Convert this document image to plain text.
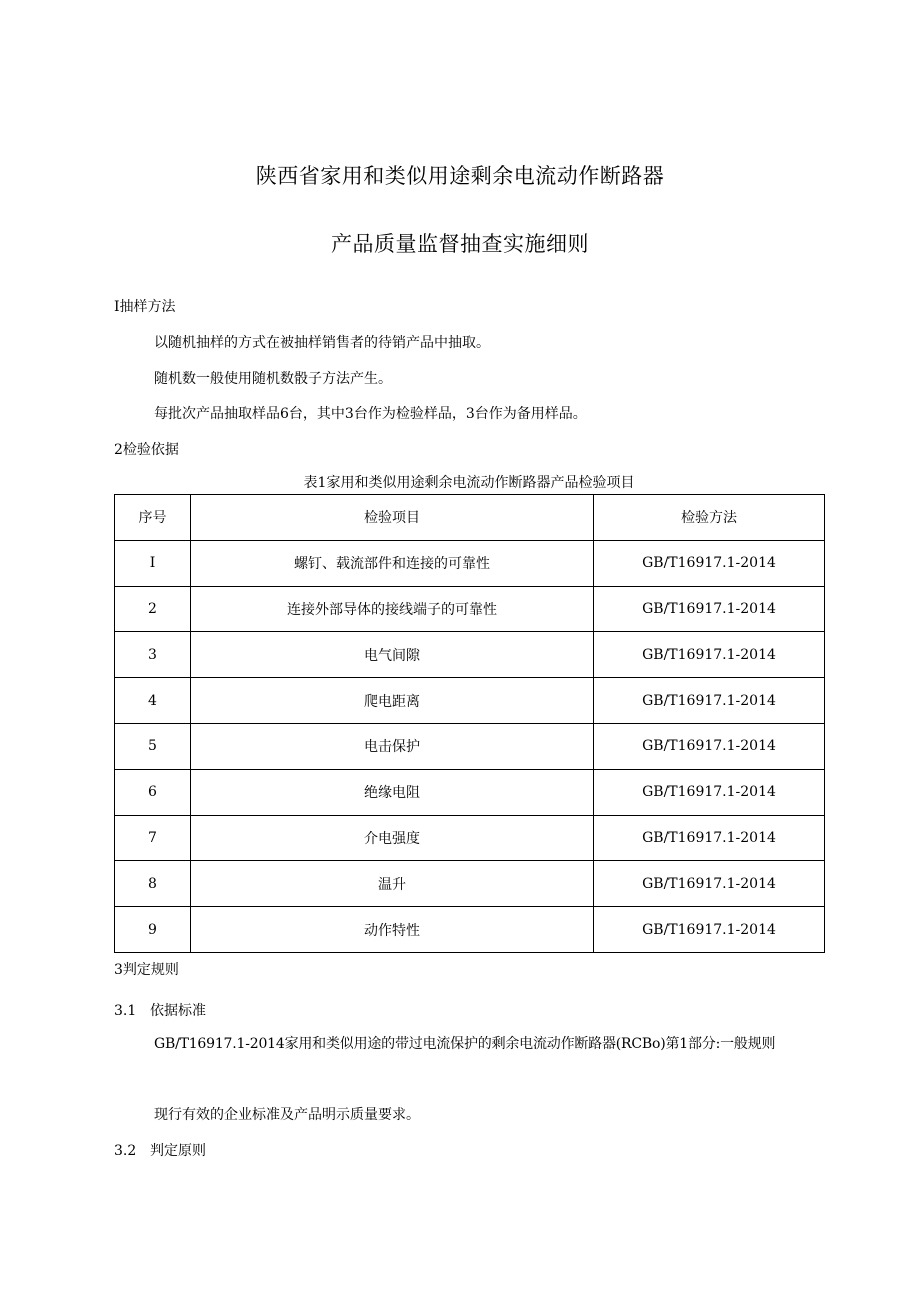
陕西省家用和类似用途剩余电流动作断路器
产品质量监督抽查实施细则

I抽样方法

以随机抽样的方式在被抽样销售者的待销产品中抽取。

随机数一般使用随机数骰子方法产生。

每批次产品抽取样品6台，其中3台作为检验样品，3台作为备用样品。

2检验依据

表1家用和类似用途剩余电流动作断路器产品检验项目

序号	检验项目	检验方法
I	螺钉、载流部件和连接的可靠性	GB/T16917.1-2014
2	连接外部导体的接线端子的可靠性	GB/T16917.1-2014
3	电气间隙	GB/T16917.1-2014
4	爬电距离	GB/T16917.1-2014
5	电击保护	GB/T16917.1-2014
6	绝缘电阻	GB/T16917.1-2014
7	介电强度	GB/T16917.1-2014
8	温升	GB/T16917.1-2014
9	动作特性	GB/T16917.1-2014

3判定规则

3.1 依据标准

GB/T16917.1-2014家用和类似用途的带过电流保护的剩余电流动作断路器(RCBo)第1部分:一般规则

现行有效的企业标准及产品明示质量要求。

3.2 判定原则
